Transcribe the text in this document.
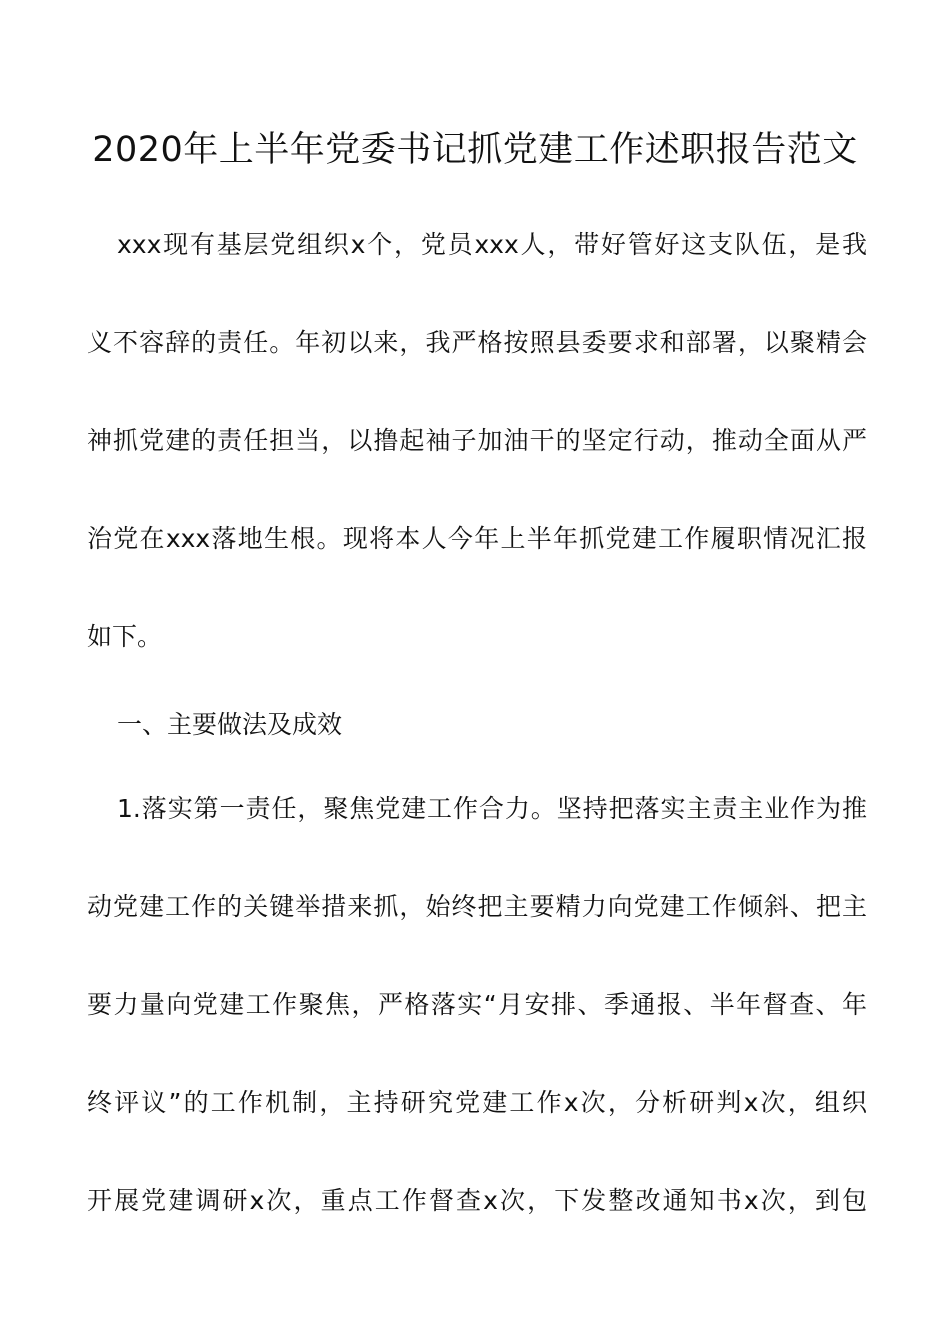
2020年上半年党委书记抓党建工作述职报告范文
xxx现有基层党组织x个，党员xxx人，带好管好这支队伍，是我
义不容辞的责任。年初以来，我严格按照县委要求和部署，以聚精会
神抓党建的责任担当，以撸起袖子加油干的坚定行动，推动全面从严
治党在xxx落地生根。现将本人今年上半年抓党建工作履职情况汇报
如下。
一、主要做法及成效
1.落实第一责任，聚焦党建工作合力。坚持把落实主责主业作为推
动党建工作的关键举措来抓，始终把主要精力向党建工作倾斜、把主
要力量向党建工作聚焦，严格落实“月安排、季通报、半年督查、年
终评议”的工作机制，主持研究党建工作x次，分析研判x次，组织
开展党建调研x次，重点工作督查x次，下发整改通知书x次，到包
